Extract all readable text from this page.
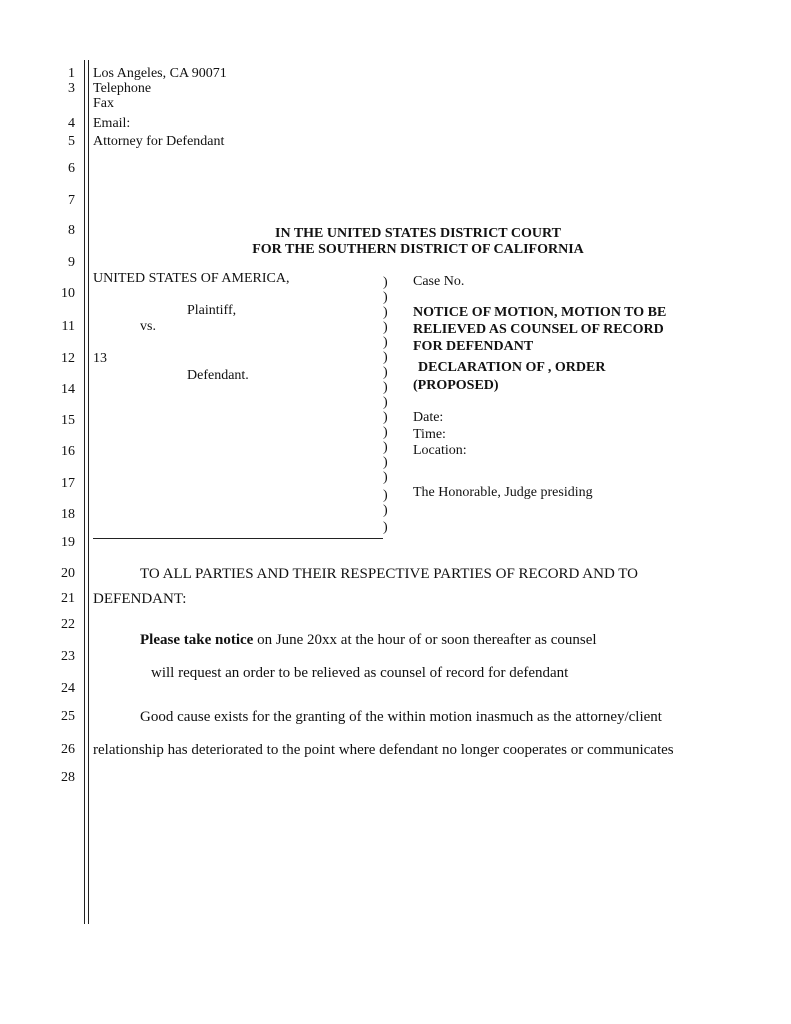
1
3
4
5
6
7
8
9
10
11
12
14
15
16
17
18
19
20
21
22
23
24
25
26
28
Los Angeles, CA 90071
Telephone
Fax
Email:
Attorney for Defendant
IN THE UNITED STATES DISTRICT COURT
FOR THE SOUTHERN DISTRICT OF CALIFORNIA
UNITED STATES OF AMERICA,
Plaintiff,
vs.
13
Defendant.
)
)
)
)
)
)
)
)
)
)
)
)
)
)
)
)
)
Case No.
NOTICE OF MOTION, MOTION TO BE
RELIEVED AS COUNSEL OF RECORD
FOR DEFENDANT
DECLARATION OF , ORDER
(PROPOSED)
Date:
Time:
Location:
The Honorable, Judge presiding
TO ALL PARTIES AND THEIR RESPECTIVE PARTIES OF RECORD AND TO
DEFENDANT:
Please take notice on June 20xx at the hour of or soon thereafter as counsel
will request an order to be relieved as counsel of record for defendant
Good cause exists for the granting of the within motion inasmuch as the attorney/client
relationship has deteriorated to the point where defendant no longer cooperates or communicates
